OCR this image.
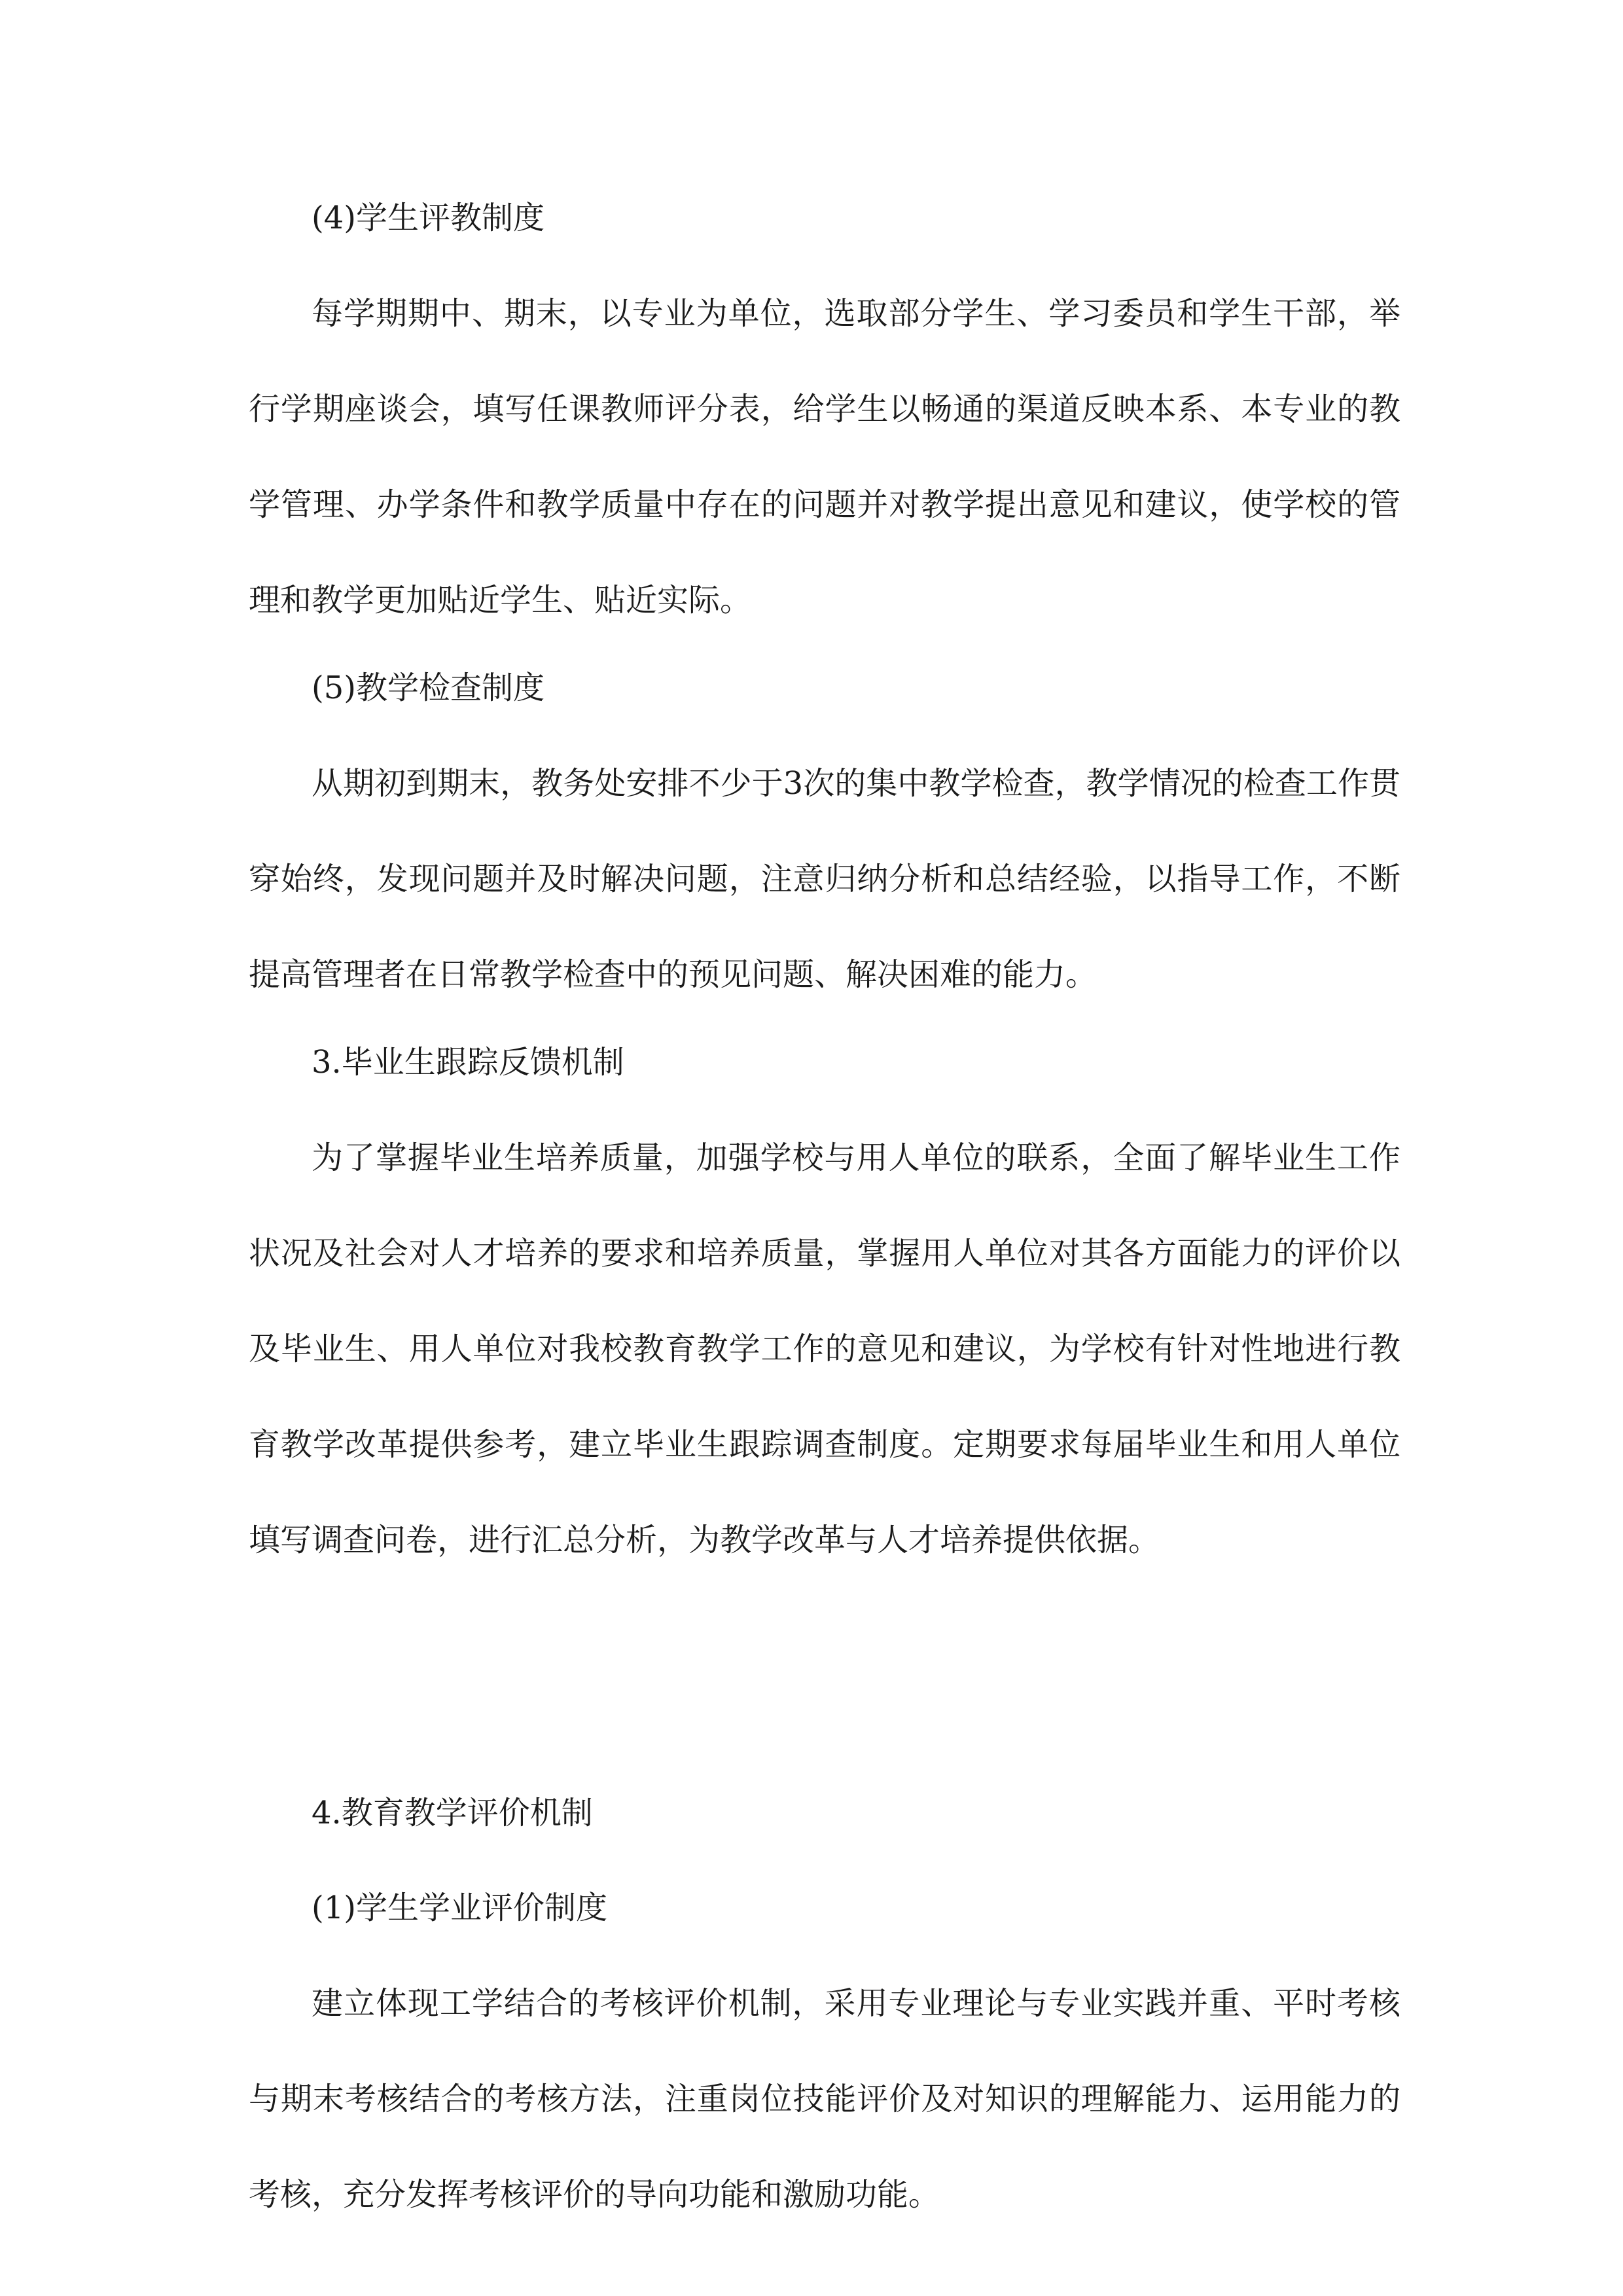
(4)学生评教制度

每学期期中、期末，以专业为单位，选取部分学生、学习委员和学生干部，举行学期座谈会，填写任课教师评分表，给学生以畅通的渠道反映本系、本专业的教学管理、办学条件和教学质量中存在的问题并对教学提出意见和建议，使学校的管理和教学更加贴近学生、贴近实际。

(5)教学检查制度

从期初到期末，教务处安排不少于3次的集中教学检查，教学情况的检查工作贯穿始终，发现问题并及时解决问题，注意归纳分析和总结经验，以指导工作，不断提高管理者在日常教学检查中的预见问题、解决困难的能力。

3.毕业生跟踪反馈机制

为了掌握毕业生培养质量，加强学校与用人单位的联系，全面了解毕业生工作状况及社会对人才培养的要求和培养质量，掌握用人单位对其各方面能力的评价以及毕业生、用人单位对我校教育教学工作的意见和建议，为学校有针对性地进行教育教学改革提供参考，建立毕业生跟踪调查制度。定期要求每届毕业生和用人单位填写调查问卷，进行汇总分析，为教学改革与人才培养提供依据。

4.教育教学评价机制

(1)学生学业评价制度

建立体现工学结合的考核评价机制，采用专业理论与专业实践并重、平时考核与期末考核结合的考核方法，注重岗位技能评价及对知识的理解能力、运用能力的考核，充分发挥考核评价的导向功能和激励功能。
